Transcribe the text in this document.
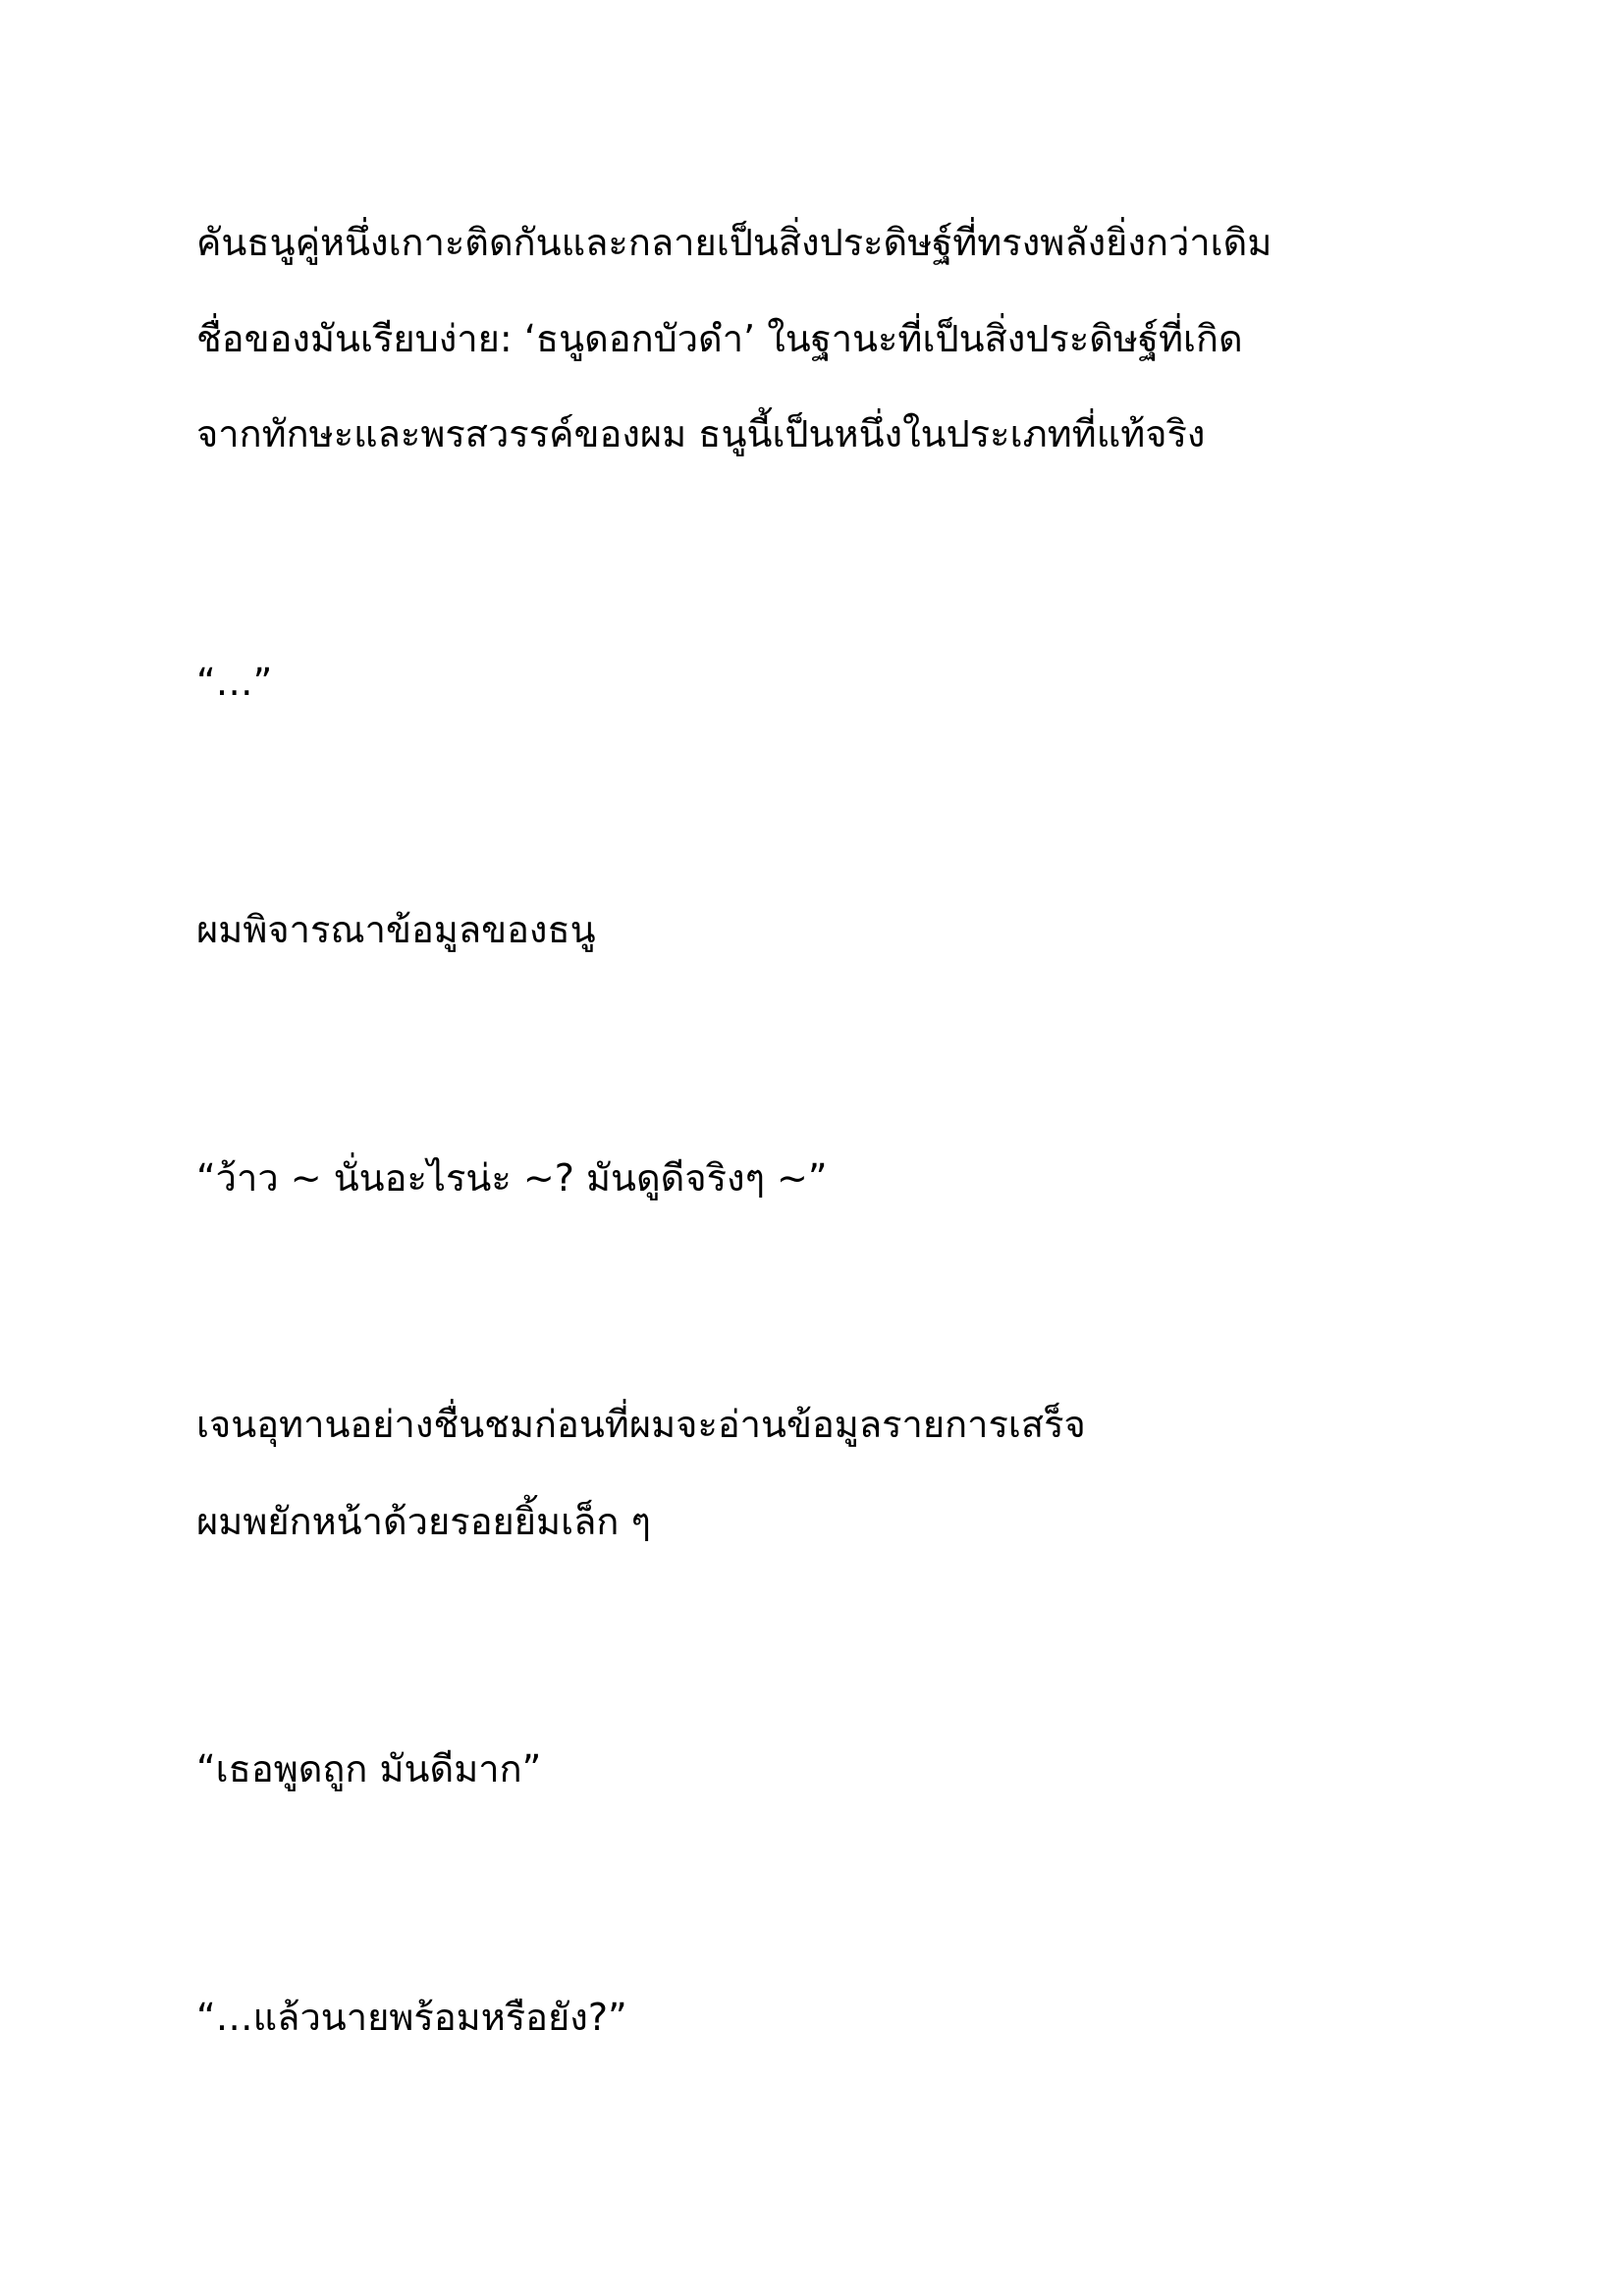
คันธนูคู่หนึ่งเกาะติดกันและกลายเป็นสิ่งประดิษฐ์ที่ทรงพลังยิ่งกว่าเดิม
ชื่อของมันเรียบง่าย: ‘ธนูดอกบัวดำ’ ในฐานะที่เป็นสิ่งประดิษฐ์ที่เกิด
จากทักษะและพรสวรรค์ของผม ธนูนี้เป็นหนึ่งในประเภทที่แท้จริง
“…”
ผมพิจารณาข้อมูลของธนู
“ว้าว ~ นั่นอะไรน่ะ ~? มันดูดีจริงๆ ~”
เจนอุทานอย่างชื่นชมก่อนที่ผมจะอ่านข้อมูลรายการเสร็จ
ผมพยักหน้าด้วยรอยยิ้มเล็ก ๆ
“เธอพูดถูก มันดีมาก”
“…แล้วนายพร้อมหรือยัง?”
